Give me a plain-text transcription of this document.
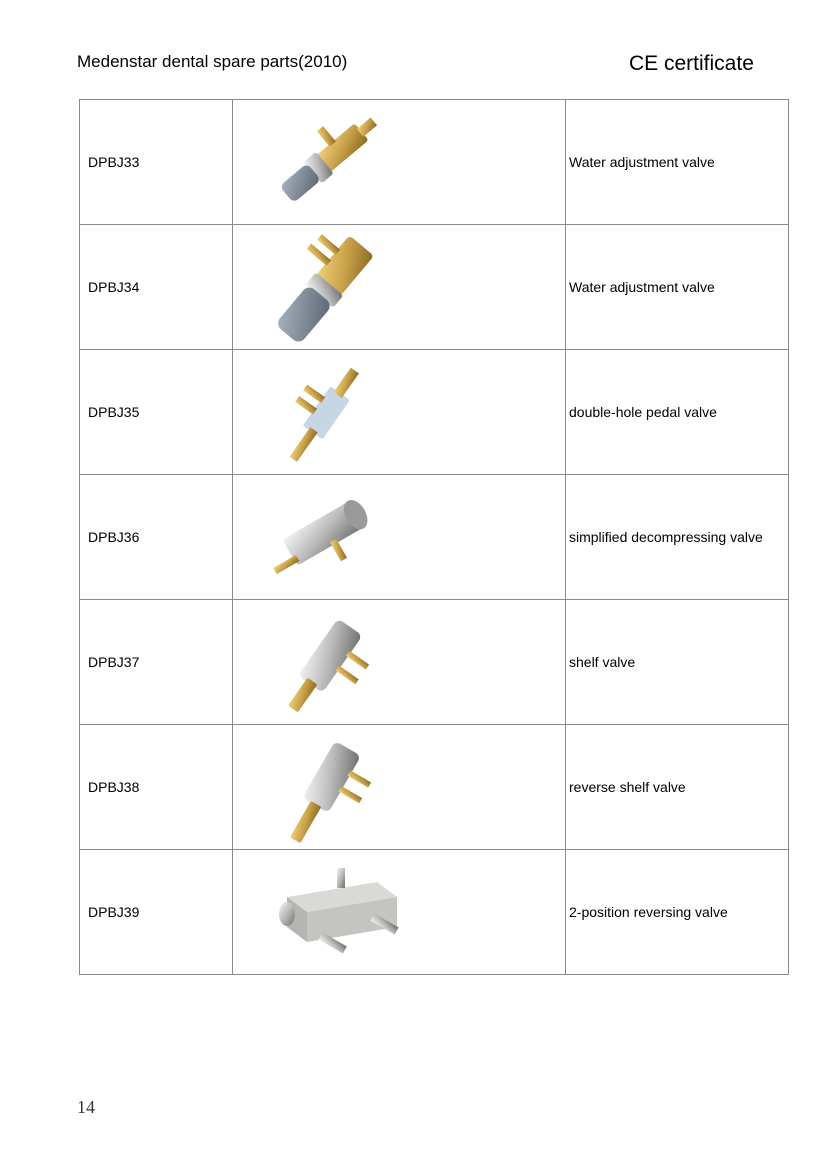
Medenstar dental spare parts(2010)	CE certificate
DPBJ33		Water adjustment valve
DPBJ34		Water adjustment valve
DPBJ35		double-hole pedal valve
DPBJ36		simplified decompressing valve
DPBJ37		shelf valve
DPBJ38		reverse shelf valve
DPBJ39		2-position reversing valve
14
